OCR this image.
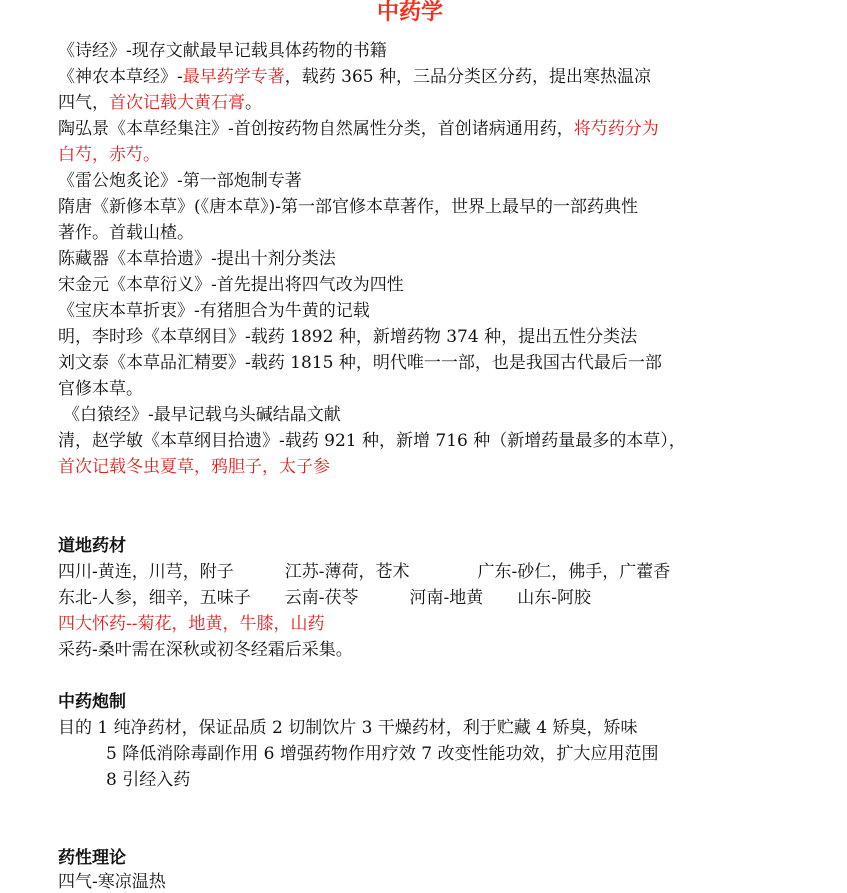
中药学
《诗经》-现存文献最早记载具体药物的书籍
《神农本草经》-最早药学专著，载药 365 种，三品分类区分药，提出寒热温凉
四气，首次记载大黄石膏。
陶弘景《本草经集注》-首创按药物自然属性分类，首创诸病通用药，将芍药分为
白芍，赤芍。
《雷公炮炙论》-第一部炮制专著
隋唐《新修本草》(《唐本草》)-第一部官修本草著作，世界上最早的一部药典性
著作。首载山楂。
陈藏器《本草拾遗》-提出十剂分类法
宋金元《本草衍义》-首先提出将四气改为四性
《宝庆本草折衷》-有猪胆合为牛黄的记载
明，李时珍《本草纲目》-载药 1892 种，新增药物 374 种，提出五性分类法
刘文泰《本草品汇精要》-载药 1815 种，明代唯一一部，也是我国古代最后一部
官修本草。
《白猿经》-最早记载乌头碱结晶文献
清，赵学敏《本草纲目拾遗》-载药 921 种，新增 716 种（新增药量最多的本草），
首次记载冬虫夏草，鸦胆子，太子参
道地药材
四川-黄连，川芎，附子　　　江苏-薄荷，苍术　　　　广东-砂仁，佛手，广藿香
东北-人参，细辛，五味子　　云南-茯苓　　　河南-地黄　　山东-阿胶
四大怀药--菊花，地黄，牛膝，山药
采药-桑叶需在深秋或初冬经霜后采集。
中药炮制
目的 1 纯净药材，保证品质 2 切制饮片 3 干燥药材，利于贮藏 4 矫臭，矫味
5 降低消除毒副作用 6 增强药物作用疗效 7 改变性能功效，扩大应用范围
8 引经入药
药性理论
四气-寒凉温热
